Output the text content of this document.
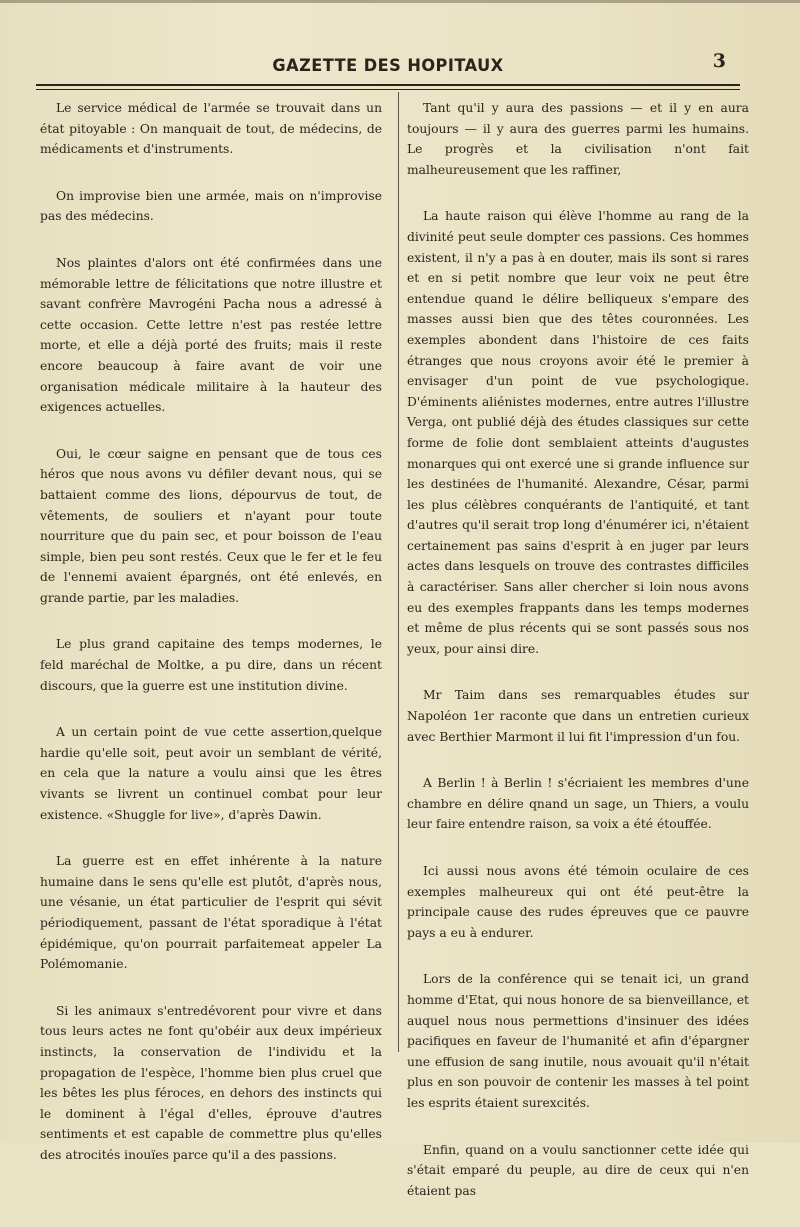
GAZETTE DES HOPITAUX	3

Le service médical de l'armée se trouvait dans un état pitoyable : On manquait de tout, de médecins, de médicaments et d'instruments.

On improvise bien une armée, mais on n'improvise pas des médecins.

Nos plaintes d'alors ont été confirmées dans une mémorable lettre de félicitations que notre illustre et savant confrère Mavrogéni Pacha nous a adressé à cette occasion. Cette lettre n'est pas restée lettre morte, et elle a déjà porté des fruits; mais il reste encore beaucoup à faire avant de voir une organisation médicale militaire à la hauteur des exigences actuelles.

Oui, le cœur saigne en pensant que de tous ces héros que nous avons vu défiler devant nous, qui se battaient comme des lions, dépourvus de tout, de vêtements, de souliers et n'ayant pour toute nourriture que du pain sec, et pour boisson de l'eau simple, bien peu sont restés. Ceux que le fer et le feu de l'ennemi avaient épargnés, ont été enlevés, en grande partie, par les maladies.

Le plus grand capitaine des temps modernes, le feld maréchal de Moltke, a pu dire, dans un récent discours, que la guerre est une institution divine.

A un certain point de vue cette assertion,quelque hardie qu'elle soit, peut avoir un semblant de vérité, en cela que la nature a voulu ainsi que les êtres vivants se livrent un continuel combat pour leur existence. «Shuggle for live», d'après Dawin.

La guerre est en effet inhérente à la nature humaine dans le sens qu'elle est plutôt, d'après nous, une vésanie, un état particulier de l'esprit qui sévit périodiquement, passant de l'état sporadique à l'état épidémique, qu'on pourrait parfaitemeat appeler La Polémomanie.

Si les animaux s'entredévorent pour vivre et dans tous leurs actes ne font qu'obéir aux deux impérieux instincts, la conservation de l'individu et la propagation de l'espèce, l'homme bien plus cruel que les bêtes les plus féroces, en dehors des instincts qui le dominent à l'égal d'elles, éprouve d'autres sentiments et est capable de commettre plus qu'elles des atrocités inouïes parce qu'il a des passions.

Tant qu'il y aura des passions — et il y en aura toujours — il y aura des guerres parmi les humains. Le progrès et la civilisation n'ont fait malheureusement que les raffiner,

La haute raison qui élève l'homme au rang de la divinité peut seule dompter ces passions. Ces hommes existent, il n'y a pas à en douter, mais ils sont si rares et en si petit nombre que leur voix ne peut être entendue quand le délire belliqueux s'empare des masses aussi bien que des têtes couronnées. Les exemples abondent dans l'histoire de ces faits étranges que nous croyons avoir été le premier à envisager d'un point de vue psychologique. D'éminents aliénistes modernes, entre autres l'illustre Verga, ont publié déjà des études classiques sur cette forme de folie dont semblaient atteints d'augustes monarques qui ont exercé une si grande influence sur les destinées de l'humanité. Alexandre, César, parmi les plus célèbres conquérants de l'antiquité, et tant d'autres qu'il serait trop long d'énumérer ici, n'étaient certainement pas sains d'esprit à en juger par leurs actes dans lesquels on trouve des contrastes difficiles à caractériser. Sans aller chercher si loin nous avons eu des exemples frappants dans les temps modernes et même de plus récents qui se sont passés sous nos yeux, pour ainsi dire.

Mr Taim dans ses remarquables études sur Napoléon 1er raconte que dans un entretien curieux avec Berthier Marmont il lui fit l'impression d'un fou.

A Berlin ! à Berlin ! s'écriaient les membres d'une chambre en délire qnand un sage, un Thiers, a voulu leur faire entendre raison, sa voix a été étouffée.

Ici aussi nous avons été témoin oculaire de ces exemples malheureux qui ont été peut-être la principale cause des rudes épreuves que ce pauvre pays a eu à endurer.

Lors de la conférence qui se tenait ici, un grand homme d'Etat, qui nous honore de sa bienveillance, et auquel nous nous permettions d'insinuer des idées pacifiques en faveur de l'humanité et afin d'épargner une effusion de sang inutile, nous avouait qu'il n'était plus en son pouvoir de contenir les masses à tel point les esprits étaient surexcités.

Enfin, quand on a voulu sanctionner cette idée qui s'était emparé du peuple, au dire de ceux qui n'en étaient pas
